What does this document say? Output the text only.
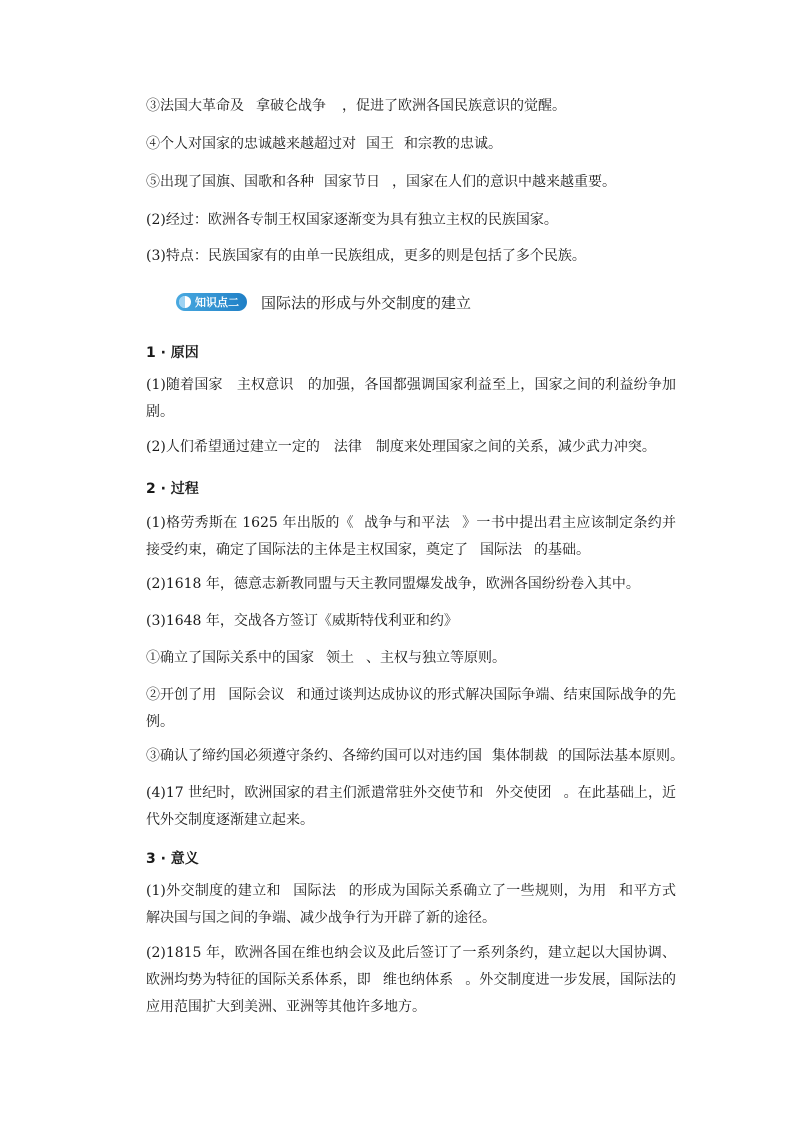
③法国大革命及 拿破仑战争 ，促进了欧洲各国民族意识的觉醒。

④个人对国家的忠诚越来越超过对 国王 和宗教的忠诚。

⑤出现了国旗、国歌和各种 国家节日 ，国家在人们的意识中越来越重要。

(2)经过：欧洲各专制王权国家逐渐变为具有独立主权的民族国家。

(3)特点：民族国家有的由单一民族组成，更多的则是包括了多个民族。

知识点二 国际法的形成与外交制度的建立
1 · 原因

(1)随着国家 主权意识 的加强，各国都强调国家利益至上，国家之间的利益纷争加剧。

(2)人们希望通过建立一定的 法律 制度来处理国家之间的关系，减少武力冲突。

2 · 过程

(1)格劳秀斯在 1625 年出版的《 战争与和平法 》一书中提出君主应该制定条约并接受约束，确定了国际法的主体是主权国家，奠定了 国际法 的基础。

(2)1618 年，德意志新教同盟与天主教同盟爆发战争，欧洲各国纷纷卷入其中。

(3)1648 年，交战各方签订《威斯特伐利亚和约》

①确立了国际关系中的国家 领土 、主权与独立等原则。

②开创了用 国际会议 和通过谈判达成协议的形式解决国际争端、结束国际战争的先例。

③确认了缔约国必须遵守条约、各缔约国可以对违约国 集体制裁 的国际法基本原则。

(4)17 世纪时，欧洲国家的君主们派遣常驻外交使节和 外交使团 。在此基础上，近代外交制度逐渐建立起来。

3 · 意义

(1)外交制度的建立和 国际法 的形成为国际关系确立了一些规则，为用 和平方式解决国与国之间的争端、减少战争行为开辟了新的途径。

(2)1815 年，欧洲各国在维也纳会议及此后签订了一系列条约，建立起以大国协调、欧洲均势为特征的国际关系体系，即 维也纳体系 。外交制度进一步发展，国际法的应用范围扩大到美洲、亚洲等其他许多地方。
